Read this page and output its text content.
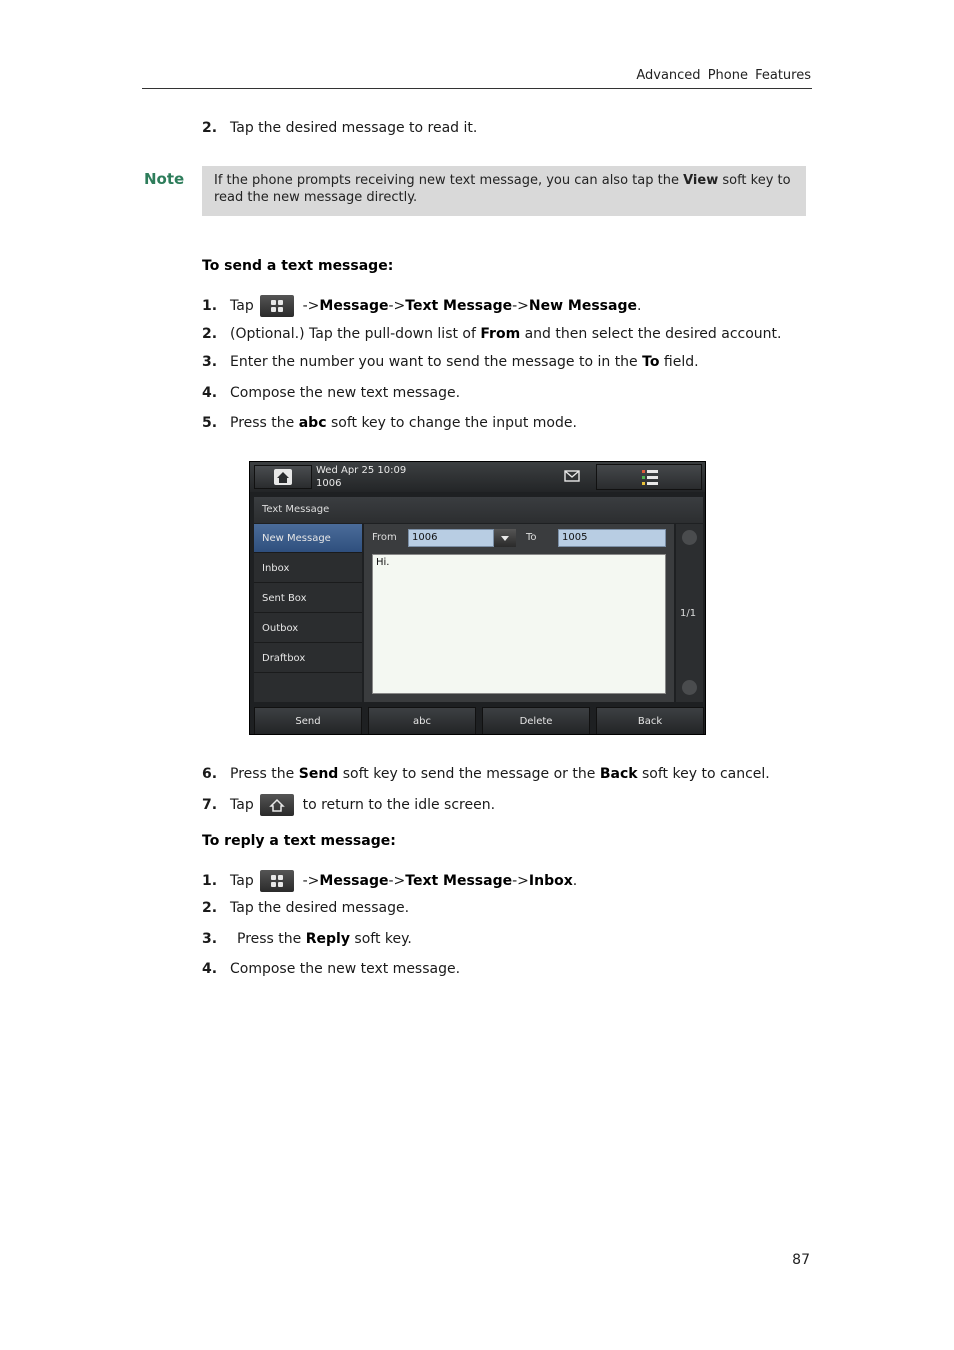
Advanced Phone Features
2. Tap the desired message to read it.
Note	If the phone prompts receiving new text message, you can also tap the View soft key to read the new message directly.
To send a text message:
1. Tap	->Message->Text Message->New Message.
2. (Optional.) Tap the pull-down list of From and then select the desired account.
3. Enter the number you want to send the message to in the To field.
4. Compose the new text message.
5. Press the abc soft key to change the input mode.
Wed Apr 25 10:09
1006
Text Message
New Message
Inbox
Sent Box
Outbox
Draftbox
From	1006	To	1005
Hi.
1/1
Send	abc	Delete	Back
6. Press the Send soft key to send the message or the Back soft key to cancel.
7. Tap	to return to the idle screen.
To reply a text message:
1. Tap	->Message->Text Message->Inbox.
2. Tap the desired message.
3. Press the Reply soft key.
4. Compose the new text message.
87
